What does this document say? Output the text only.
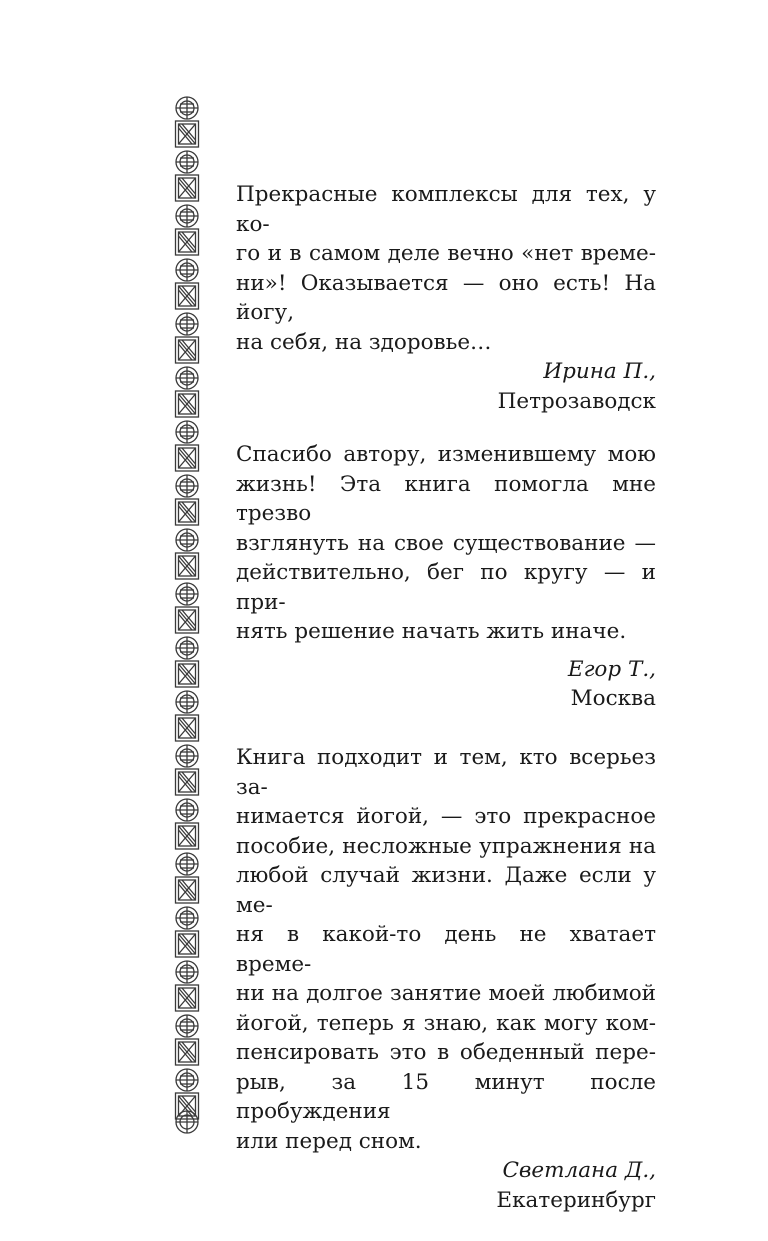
Прекрасные комплексы для тех, у ко-
го и в самом деле вечно «нет време-
ни»! Оказывается — оно есть! На йогу,
на себя, на здоровье…

Ирина П.,

Петрозаводск

Спасибо автору, изменившему мою
жизнь! Эта книга помогла мне трезво
взглянуть на свое существование —
действительно, бег по кругу — и при-
нять решение начать жить иначе.

Егор Т.,

Москва

Книга подходит и тем, кто всерьез за-
нимается йогой, — это прекрасное
пособие, несложные упражнения на
любой случай жизни. Даже если у ме-
ня в какой-то день не хватает време-
ни на долгое занятие моей любимой
йогой, теперь я знаю, как могу ком-
пенсировать это в обеденный пере-
рыв, за 15 минут после пробуждения
или перед сном.

Светлана Д.,

Екатеринбург
